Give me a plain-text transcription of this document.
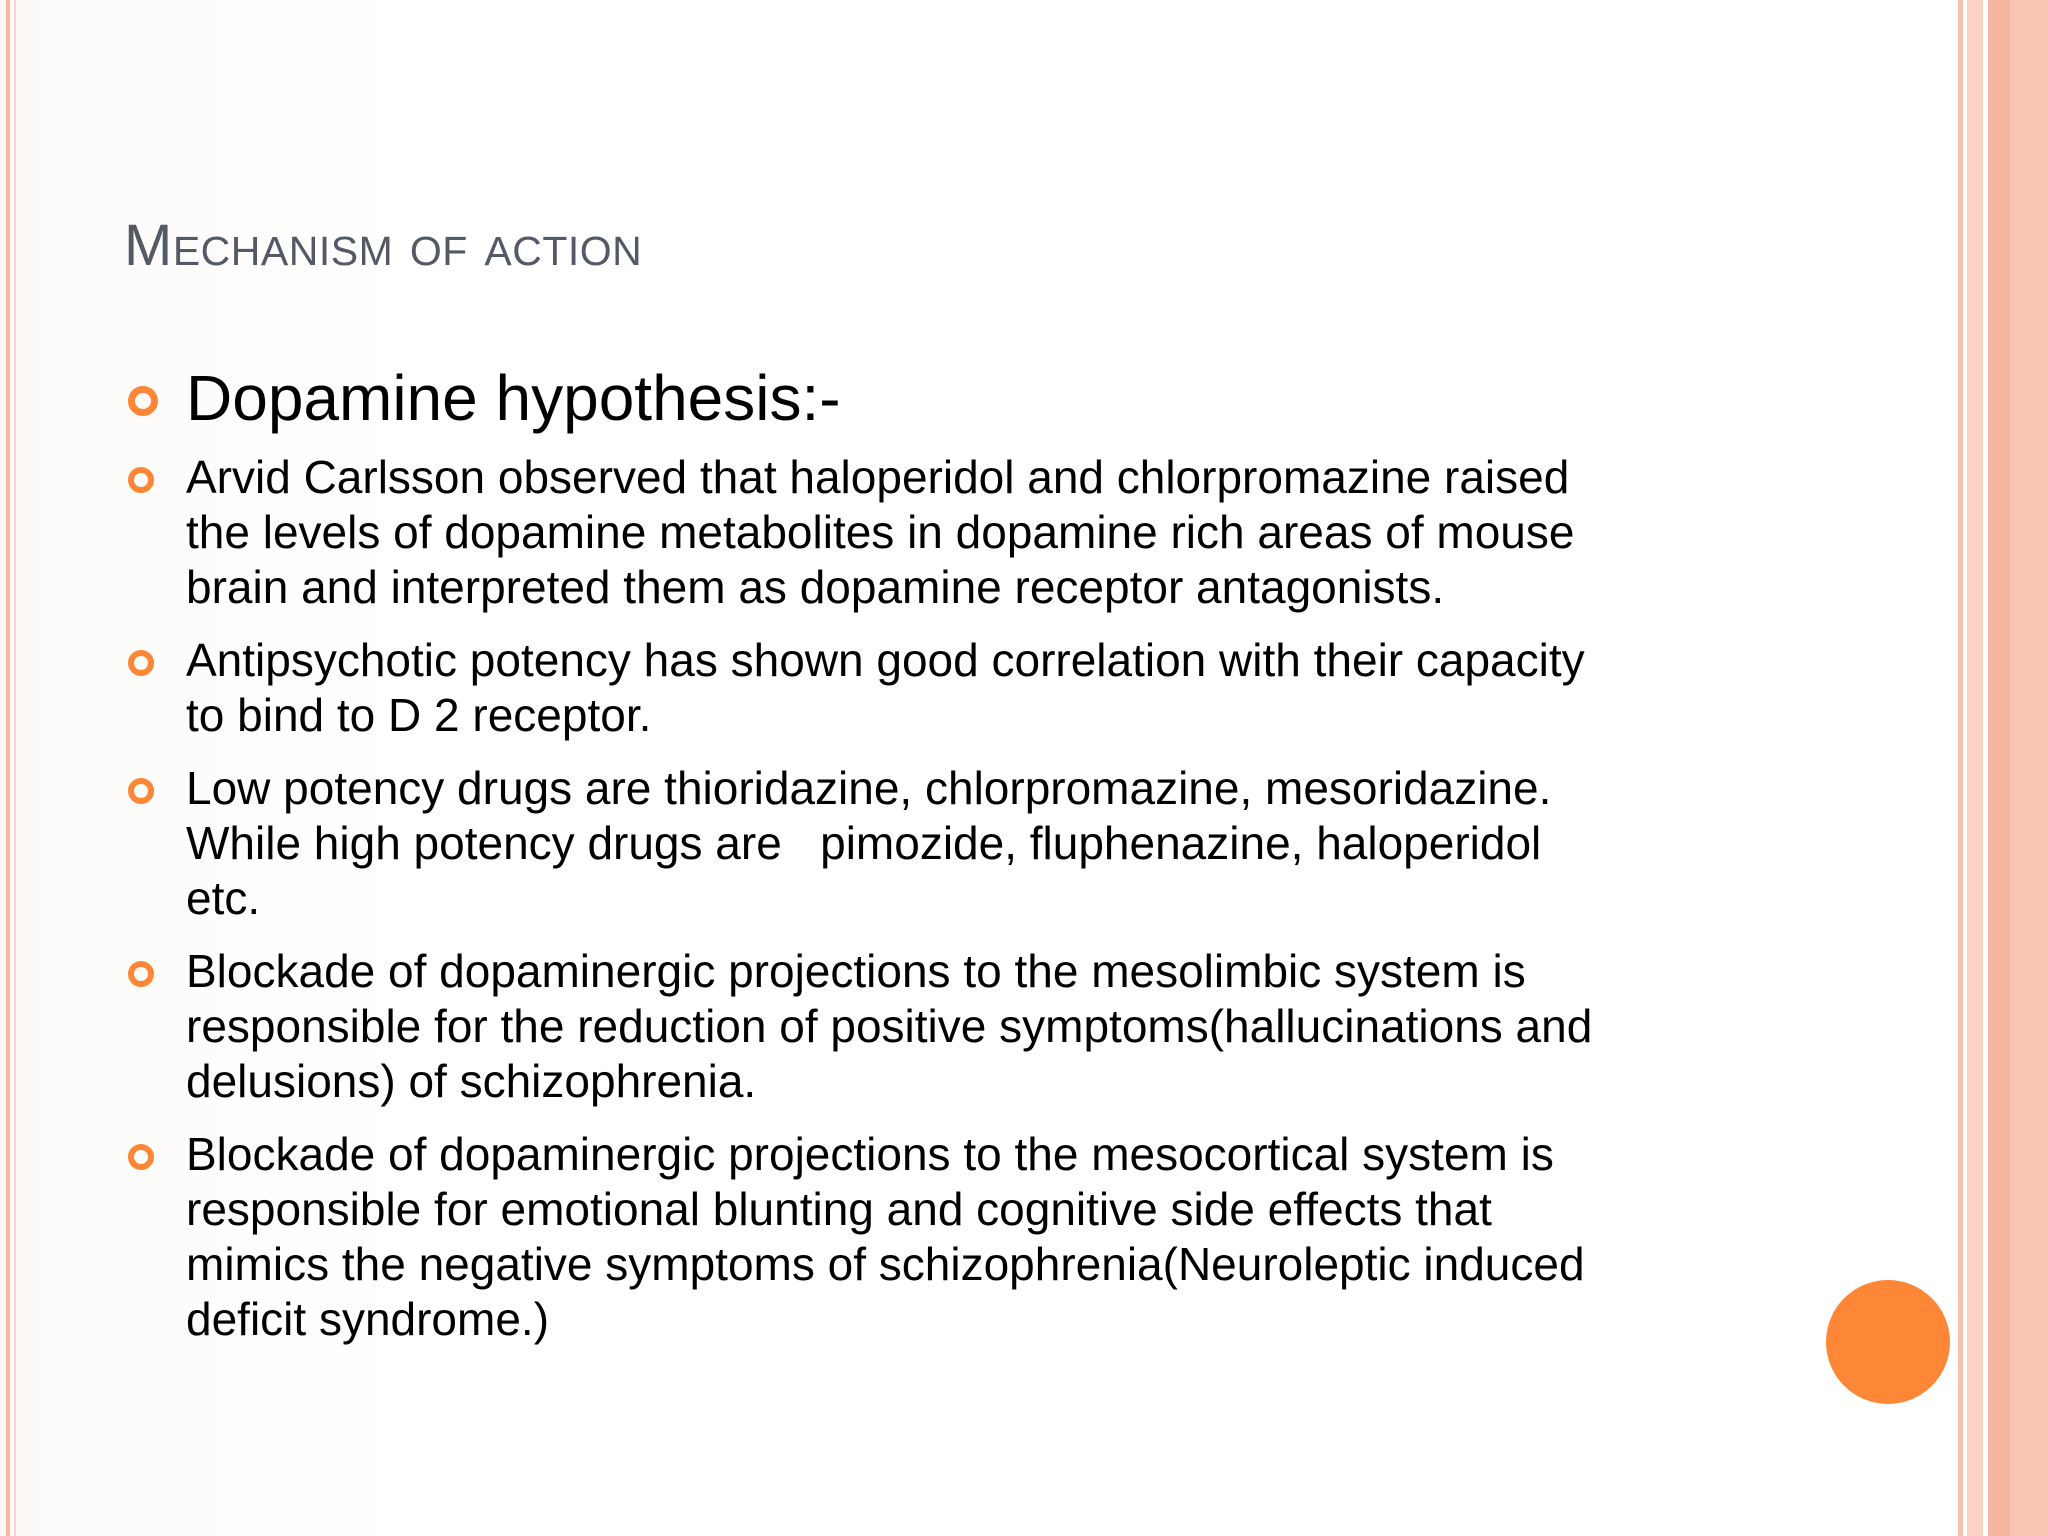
Mechanism of action
Dopamine hypothesis:-
Arvid Carlsson observed that haloperidol and chlorpromazine raised
the levels of dopamine metabolites in dopamine rich areas of mouse
brain and interpreted them as dopamine receptor antagonists.
Antipsychotic potency has shown good correlation with their capacity
to bind to D 2 receptor.
Low potency drugs are thioridazine, chlorpromazine, mesoridazine.
While high potency drugs are   pimozide, fluphenazine, haloperidol
etc.
Blockade of dopaminergic projections to the mesolimbic system is
responsible for the reduction of positive symptoms(hallucinations and
delusions) of schizophrenia.
Blockade of dopaminergic projections to the mesocortical system is
responsible for emotional blunting and cognitive side effects that
mimics the negative symptoms of schizophrenia(Neuroleptic induced
deficit syndrome.)
